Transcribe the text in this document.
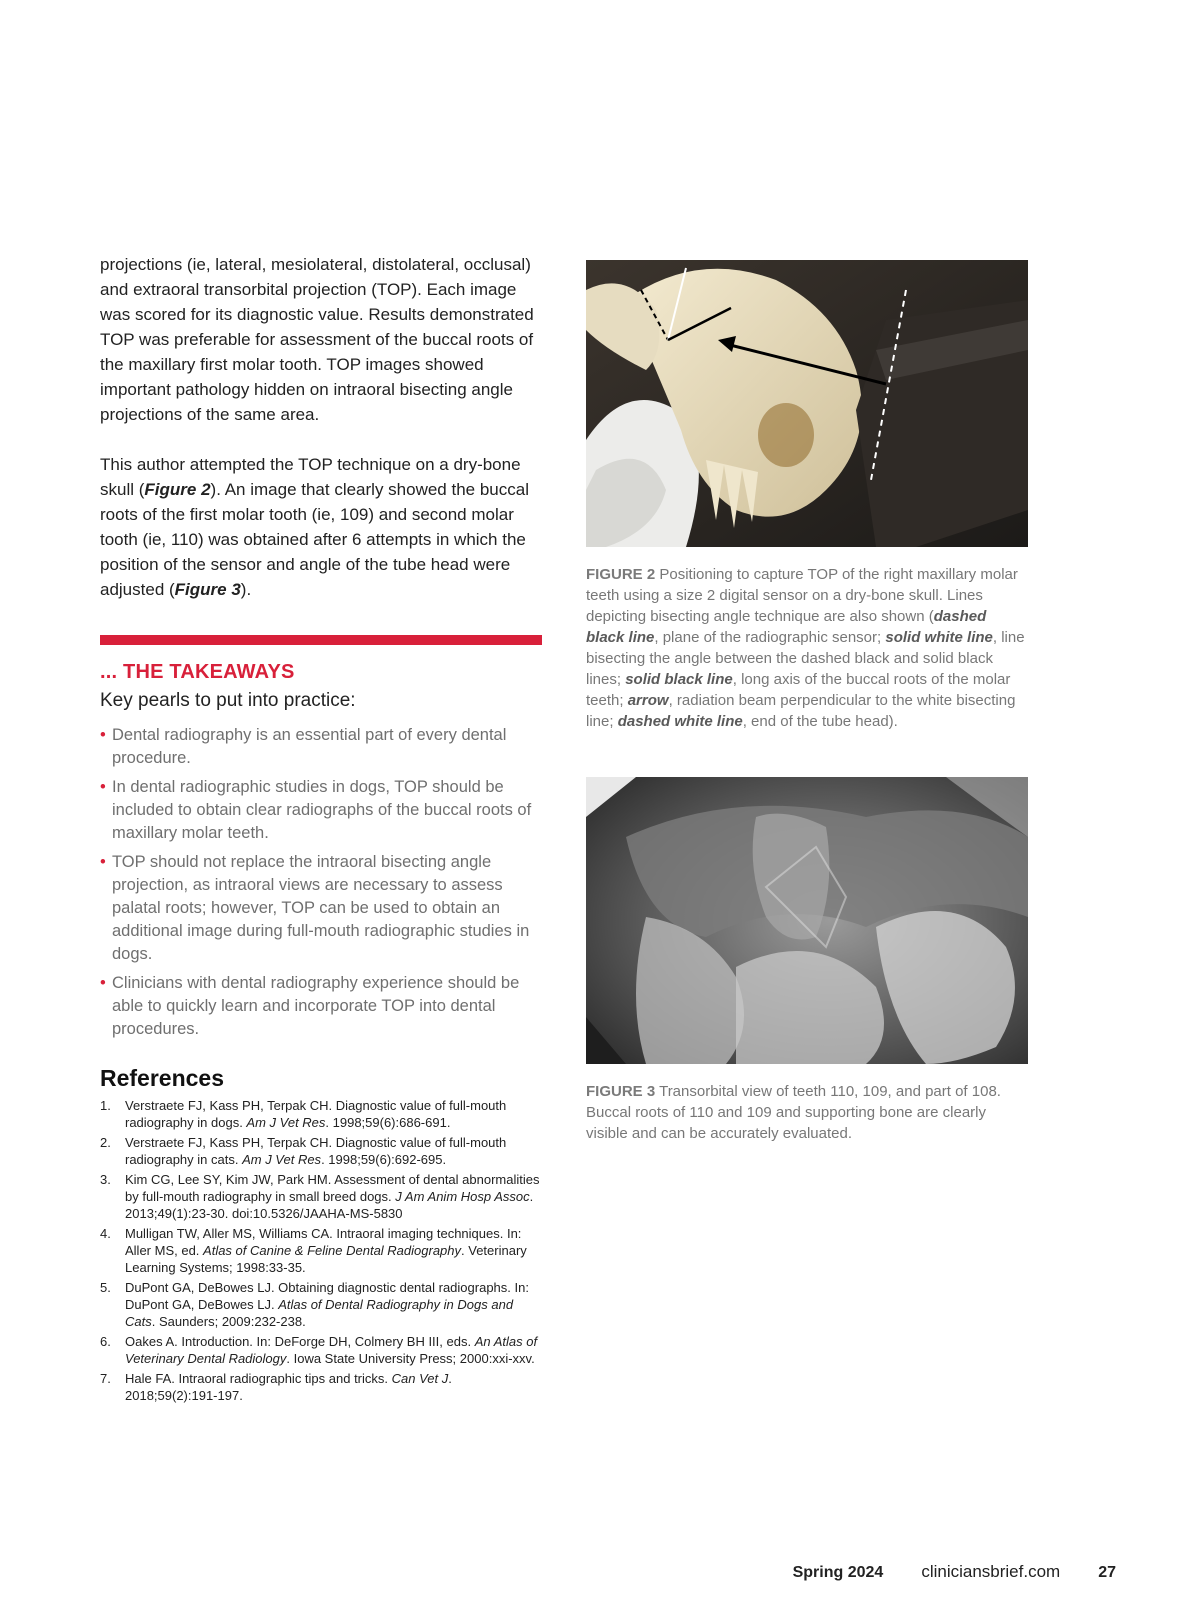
projections (ie, lateral, mesiolateral, distolateral, occlusal) and extraoral transorbital projection (TOP). Each image was scored for its diagnostic value. Results demonstrated TOP was preferable for assessment of the buccal roots of the maxillary first molar tooth. TOP images showed important pathology hidden on intraoral bisecting angle projections of the same area.

This author attempted the TOP technique on a dry-bone skull (Figure 2). An image that clearly showed the buccal roots of the first molar tooth (ie, 109) and second molar tooth (ie, 110) was obtained after 6 attempts in which the position of the sensor and angle of the tube head were adjusted (Figure 3).

... THE TAKEAWAYS
Key pearls to put into practice:
• Dental radiography is an essential part of every dental procedure.
• In dental radiographic studies in dogs, TOP should be included to obtain clear radiographs of the buccal roots of maxillary molar teeth.
• TOP should not replace the intraoral bisecting angle projection, as intraoral views are necessary to assess palatal roots; however, TOP can be used to obtain an additional image during full-mouth radiographic studies in dogs.
• Clinicians with dental radiography experience should be able to quickly learn and incorporate TOP into dental procedures.
References
1. Verstraete FJ, Kass PH, Terpak CH. Diagnostic value of full-mouth radiography in dogs. Am J Vet Res. 1998;59(6):686-691.
2. Verstraete FJ, Kass PH, Terpak CH. Diagnostic value of full-mouth radiography in cats. Am J Vet Res. 1998;59(6):692-695.
3. Kim CG, Lee SY, Kim JW, Park HM. Assessment of dental abnormalities by full-mouth radiography in small breed dogs. J Am Anim Hosp Assoc. 2013;49(1):23-30. doi:10.5326/JAAHA-MS-5830
4. Mulligan TW, Aller MS, Williams CA. Intraoral imaging techniques. In: Aller MS, ed. Atlas of Canine & Feline Dental Radiography. Veterinary Learning Systems; 1998:33-35.
5. DuPont GA, DeBowes LJ. Obtaining diagnostic dental radiographs. In: DuPont GA, DeBowes LJ. Atlas of Dental Radiography in Dogs and Cats. Saunders; 2009:232-238.
6. Oakes A. Introduction. In: DeForge DH, Colmery BH III, eds. An Atlas of Veterinary Dental Radiology. Iowa State University Press; 2000:xxi-xxv.
7. Hale FA. Intraoral radiographic tips and tricks. Can Vet J. 2018;59(2):191-197.
FIGURE 2 Positioning to capture TOP of the right maxillary molar teeth using a size 2 digital sensor on a dry-bone skull. Lines depicting bisecting angle technique are also shown (dashed black line, plane of the radiographic sensor; solid white line, line bisecting the angle between the dashed black and solid black lines; solid black line, long axis of the buccal roots of the molar teeth; arrow, radiation beam perpendicular to the white bisecting line; dashed white line, end of the tube head).
FIGURE 3 Transorbital view of teeth 110, 109, and part of 108. Buccal roots of 110 and 109 and supporting bone are clearly visible and can be accurately evaluated.
Spring 2024 cliniciansbrief.com 27
